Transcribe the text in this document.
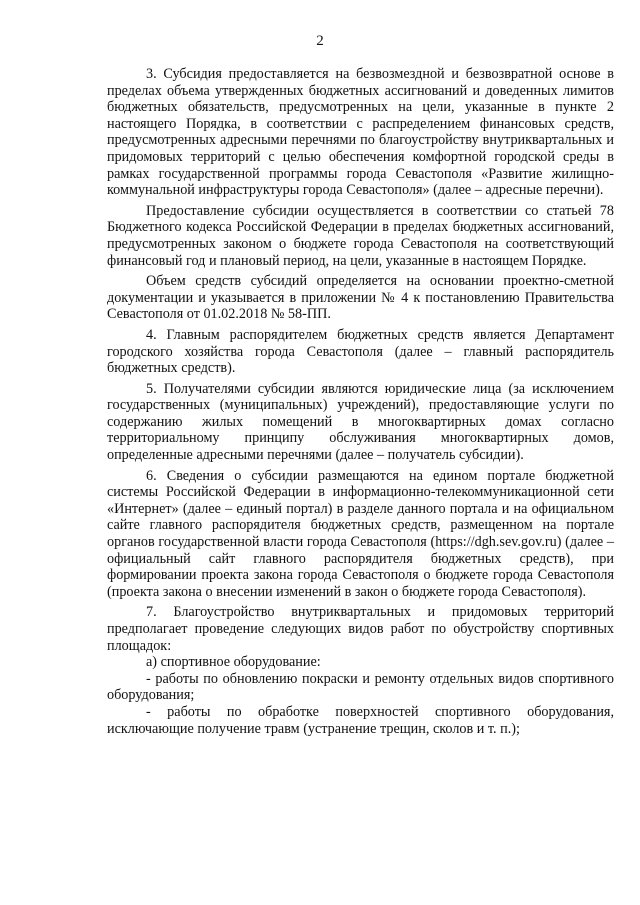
2

3. Субсидия предоставляется на безвозмездной и безвозвратной основе в пределах объема утвержденных бюджетных ассигнований и доведенных лимитов бюджетных обязательств, предусмотренных на цели, указанные в пункте 2 настоящего Порядка, в соответствии с распределением финансовых средств, предусмотренных адресными перечнями по благоустройству внутриквартальных и придомовых территорий с целью обеспечения комфортной городской среды в рамках государственной программы города Севастополя «Развитие жилищно-коммунальной инфраструктуры города Севастополя» (далее – адресные перечни).

Предоставление субсидии осуществляется в соответствии со статьей 78 Бюджетного кодекса Российской Федерации в пределах бюджетных ассигнований, предусмотренных законом о бюджете города Севастополя на соответствующий финансовый год и плановый период, на цели, указанные в настоящем Порядке.

Объем средств субсидий определяется на основании проектно-сметной документации и указывается в приложении № 4 к постановлению Правительства Севастополя от 01.02.2018 № 58-ПП.

4. Главным распорядителем бюджетных средств является Департамент городского хозяйства города Севастополя (далее – главный распорядитель бюджетных средств).

5. Получателями субсидии являются юридические лица (за исключением государственных (муниципальных) учреждений), предоставляющие услуги по содержанию жилых помещений в многоквартирных домах согласно территориальному принципу обслуживания многоквартирных домов, определенные адресными перечнями (далее – получатель субсидии).

6. Сведения о субсидии размещаются на едином портале бюджетной системы Российской Федерации в информационно-телекоммуникационной сети «Интернет» (далее – единый портал) в разделе данного портала и на официальном сайте главного распорядителя бюджетных средств, размещенном на портале органов государственной власти города Севастополя (https://dgh.sev.gov.ru) (далее – официальный сайт главного распорядителя бюджетных средств), при формировании проекта закона города Севастополя о бюджете города Севастополя (проекта закона о внесении изменений в закон о бюджете города Севастополя).

7. Благоустройство внутриквартальных и придомовых территорий предполагает проведение следующих видов работ по обустройству спортивных площадок:

а) спортивное оборудование:

- работы по обновлению покраски и ремонту отдельных видов спортивного оборудования;

- работы по обработке поверхностей спортивного оборудования, исключающие получение травм (устранение трещин, сколов и т. п.);
